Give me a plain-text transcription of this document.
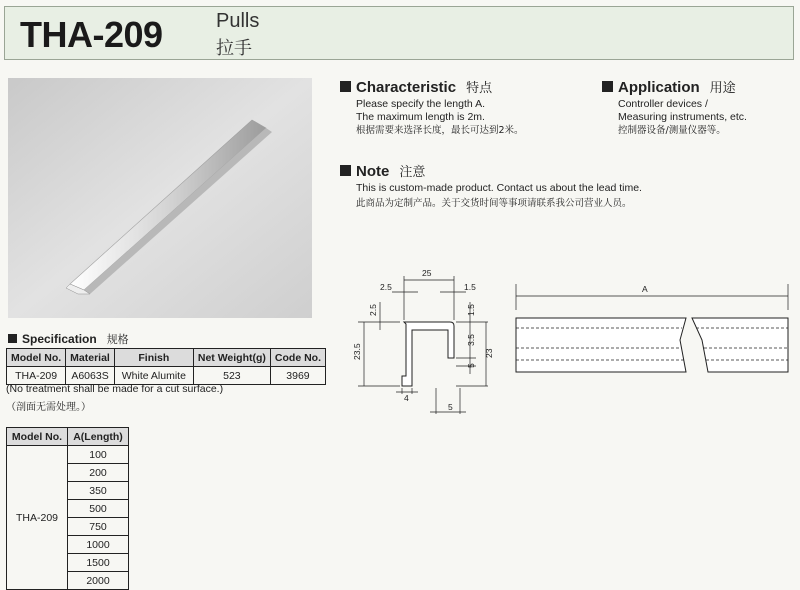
THA-209	Pulls
拉手
Characteristic 特点
Please specify the length A.
The maximum length is 2m.
根据需要来选泽长度，最长可达到2米。
Application 用途
Controller devices /
Measuring instruments, etc.
控制器设备/测量仪器等。
Note 注意
This is custom-made product. Contact us about the lead time.
此商品为定制产品。关于交货时间等事项请联系我公司营业人员。
Specification 规格
Model No.	Material	Finish	Net Weight(g)	Code No.
THA-209	A6063S	White Alumite	523	3969
(No treatment shall be made for a cut surface.)
（剖面无需处理。）
Model No.	A(Length)
THA-209	100
	200
	350
	500
	750
	1000
	1500
	2000
25
2.5	1.5
2.5	1.5
23.5
3.5
23
5
4
5
A
